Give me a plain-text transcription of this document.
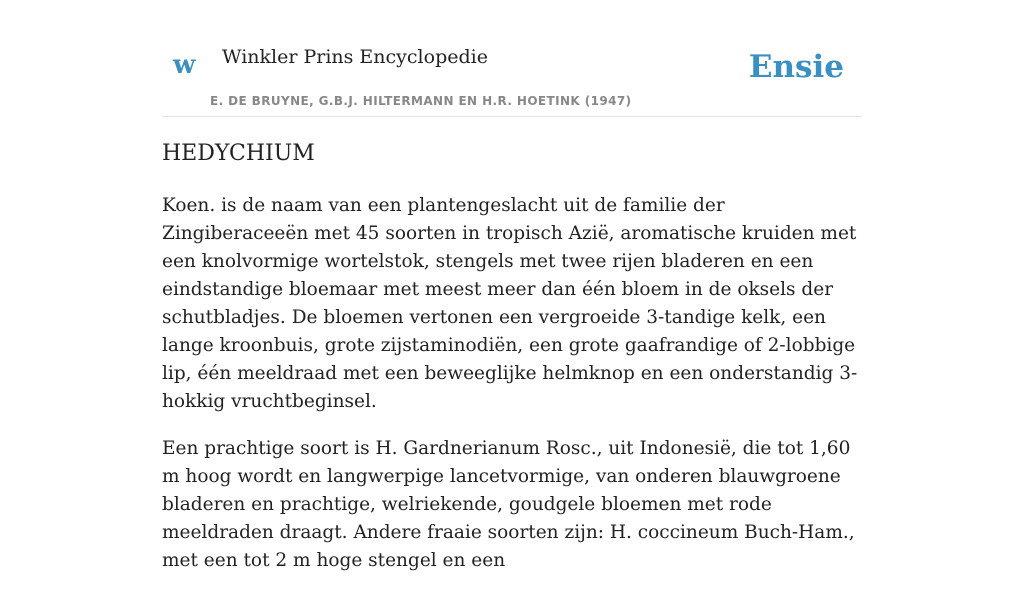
w Winkler Prins Encyclopedie
E. DE BRUYNE, G.B.J. HILTERMANN EN H.R. HOETINK (1947)
Ensie
HEDYCHIUM

Koen. is de naam van een plantengeslacht uit de familie der Zingiberaceeën met 45 soorten in tropisch Azië, aromatische kruiden met een knolvormige wortelstok, stengels met twee rijen bladeren en een eindstandige bloemaar met meest meer dan één bloem in de oksels der schutbladjes. De bloemen vertonen een vergroeide 3-tandige kelk, een lange kroonbuis, grote zijstaminodiën, een grote gaafrandige of 2-lobbige lip, één meeldraad met een beweeglijke helmknop en een onderstandig 3-hokkig vruchtbeginsel.

Een prachtige soort is H. Gardnerianum Rosc., uit Indonesië, die tot 1,60 m hoog wordt en langwerpige lancetvormige, van onderen blauwgroene bladeren en prachtige, welriekende, goudgele bloemen met rode meeldraden draagt. Andere fraaie soorten zijn: H. coccineum Buch-Ham., met een tot 2 m hoge stengel en een
